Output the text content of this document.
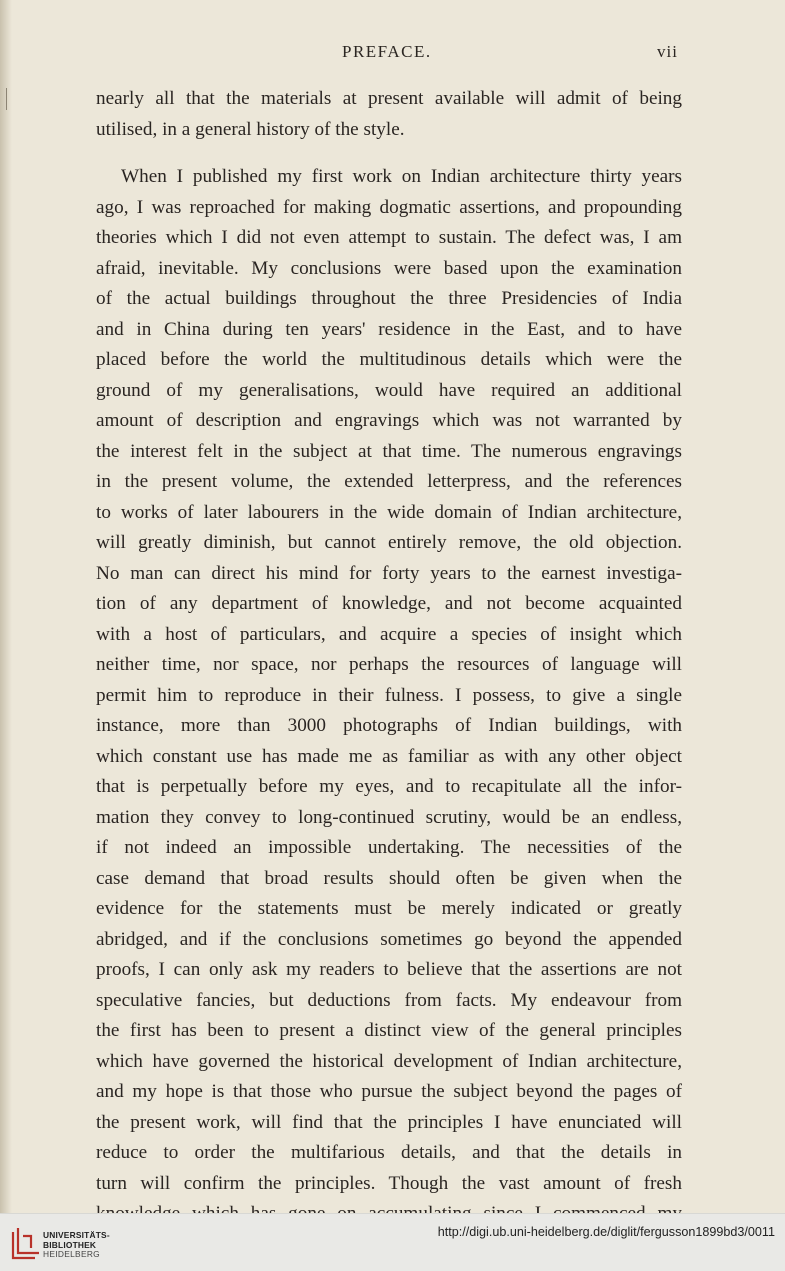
PREFACE.	vii
nearly all that the materials at present available will admit of being
utilised, in a general history of the style.
When I published my first work on Indian architecture thirty years
ago, I was reproached for making dogmatic assertions, and propounding
theories which I did not even attempt to sustain. The defect was, I am
afraid, inevitable. My conclusions were based upon the examination
of the actual buildings throughout the three Presidencies of India
and in China during ten years' residence in the East, and to have
placed before the world the multitudinous details which were the
ground of my generalisations, would have required an additional
amount of description and engravings which was not warranted by
the interest felt in the subject at that time. The numerous engravings
in the present volume, the extended letterpress, and the references
to works of later labourers in the wide domain of Indian architecture,
will greatly diminish, but cannot entirely remove, the old objection.
No man can direct his mind for forty years to the earnest investiga-
tion of any department of knowledge, and not become acquainted
with a host of particulars, and acquire a species of insight which
neither time, nor space, nor perhaps the resources of language will
permit him to reproduce in their fulness. I possess, to give a single
instance, more than 3000 photographs of Indian buildings, with
which constant use has made me as familiar as with any other object
that is perpetually before my eyes, and to recapitulate all the infor-
mation they convey to long-continued scrutiny, would be an endless,
if not indeed an impossible undertaking. The necessities of the
case demand that broad results should often be given when the
evidence for the statements must be merely indicated or greatly
abridged, and if the conclusions sometimes go beyond the appended
proofs, I can only ask my readers to believe that the assertions are not
speculative fancies, but deductions from facts. My endeavour from
the first has been to present a distinct view of the general principles
which have governed the historical development of Indian architecture,
and my hope is that those who pursue the subject beyond the pages of
the present work, will find that the principles I have enunciated will
reduce to order the multifarious details, and that the details in
turn will confirm the principles. Though the vast amount of fresh
UNIVERSITÄTS-
BIBLIOTHEK
HEIDELBERG
http://digi.ub.uni-heidelberg.de/diglit/fergusson1899bd3/0011
